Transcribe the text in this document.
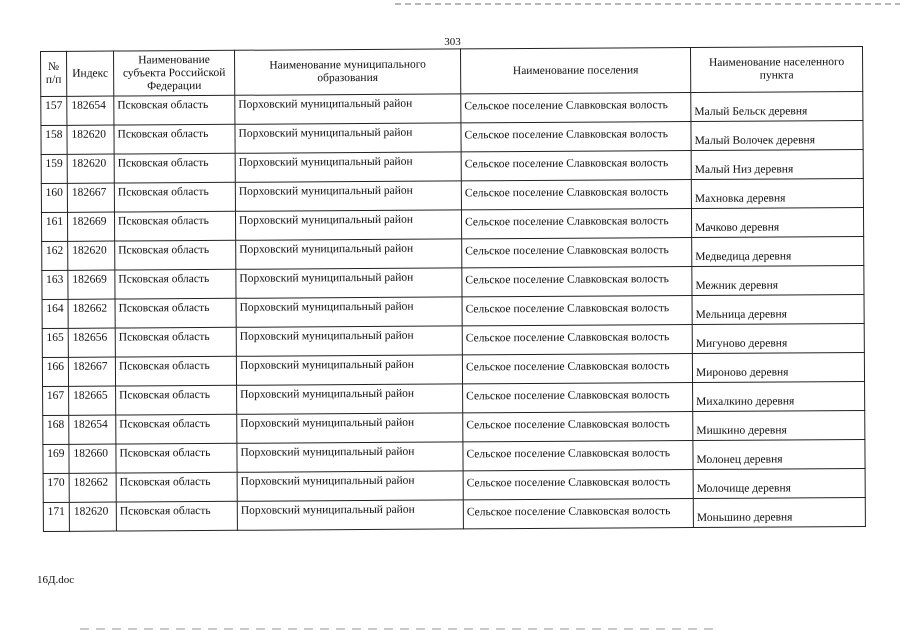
303
№ п/п	Индекс	Наименование субъекта Российской Федерации	Наименование муниципального образования	Наименование поселения	Наименование населенного пункта
157	182654	Псковская область	Порховский муниципальный район	Сельское поселение Славковская волость	Малый Бельск деревня
158	182620	Псковская область	Порховский муниципальный район	Сельское поселение Славковская волость	Малый Волочек деревня
159	182620	Псковская область	Порховский муниципальный район	Сельское поселение Славковская волость	Малый Низ деревня
160	182667	Псковская область	Порховский муниципальный район	Сельское поселение Славковская волость	Махновка деревня
161	182669	Псковская область	Порховский муниципальный район	Сельское поселение Славковская волость	Мачково деревня
162	182620	Псковская область	Порховский муниципальный район	Сельское поселение Славковская волость	Медведица деревня
163	182669	Псковская область	Порховский муниципальный район	Сельское поселение Славковская волость	Межник деревня
164	182662	Псковская область	Порховский муниципальный район	Сельское поселение Славковская волость	Мельница деревня
165	182656	Псковская область	Порховский муниципальный район	Сельское поселение Славковская волость	Мигуново деревня
166	182667	Псковская область	Порховский муниципальный район	Сельское поселение Славковская волость	Мироново деревня
167	182665	Псковская область	Порховский муниципальный район	Сельское поселение Славковская волость	Михалкино деревня
168	182654	Псковская область	Порховский муниципальный район	Сельское поселение Славковская волость	Мишкино деревня
169	182660	Псковская область	Порховский муниципальный район	Сельское поселение Славковская волость	Молонец деревня
170	182662	Псковская область	Порховский муниципальный район	Сельское поселение Славковская волость	Молочище деревня
171	182620	Псковская область	Порховский муниципальный район	Сельское поселение Славковская волость	Моньшино деревня
16Д.doc
